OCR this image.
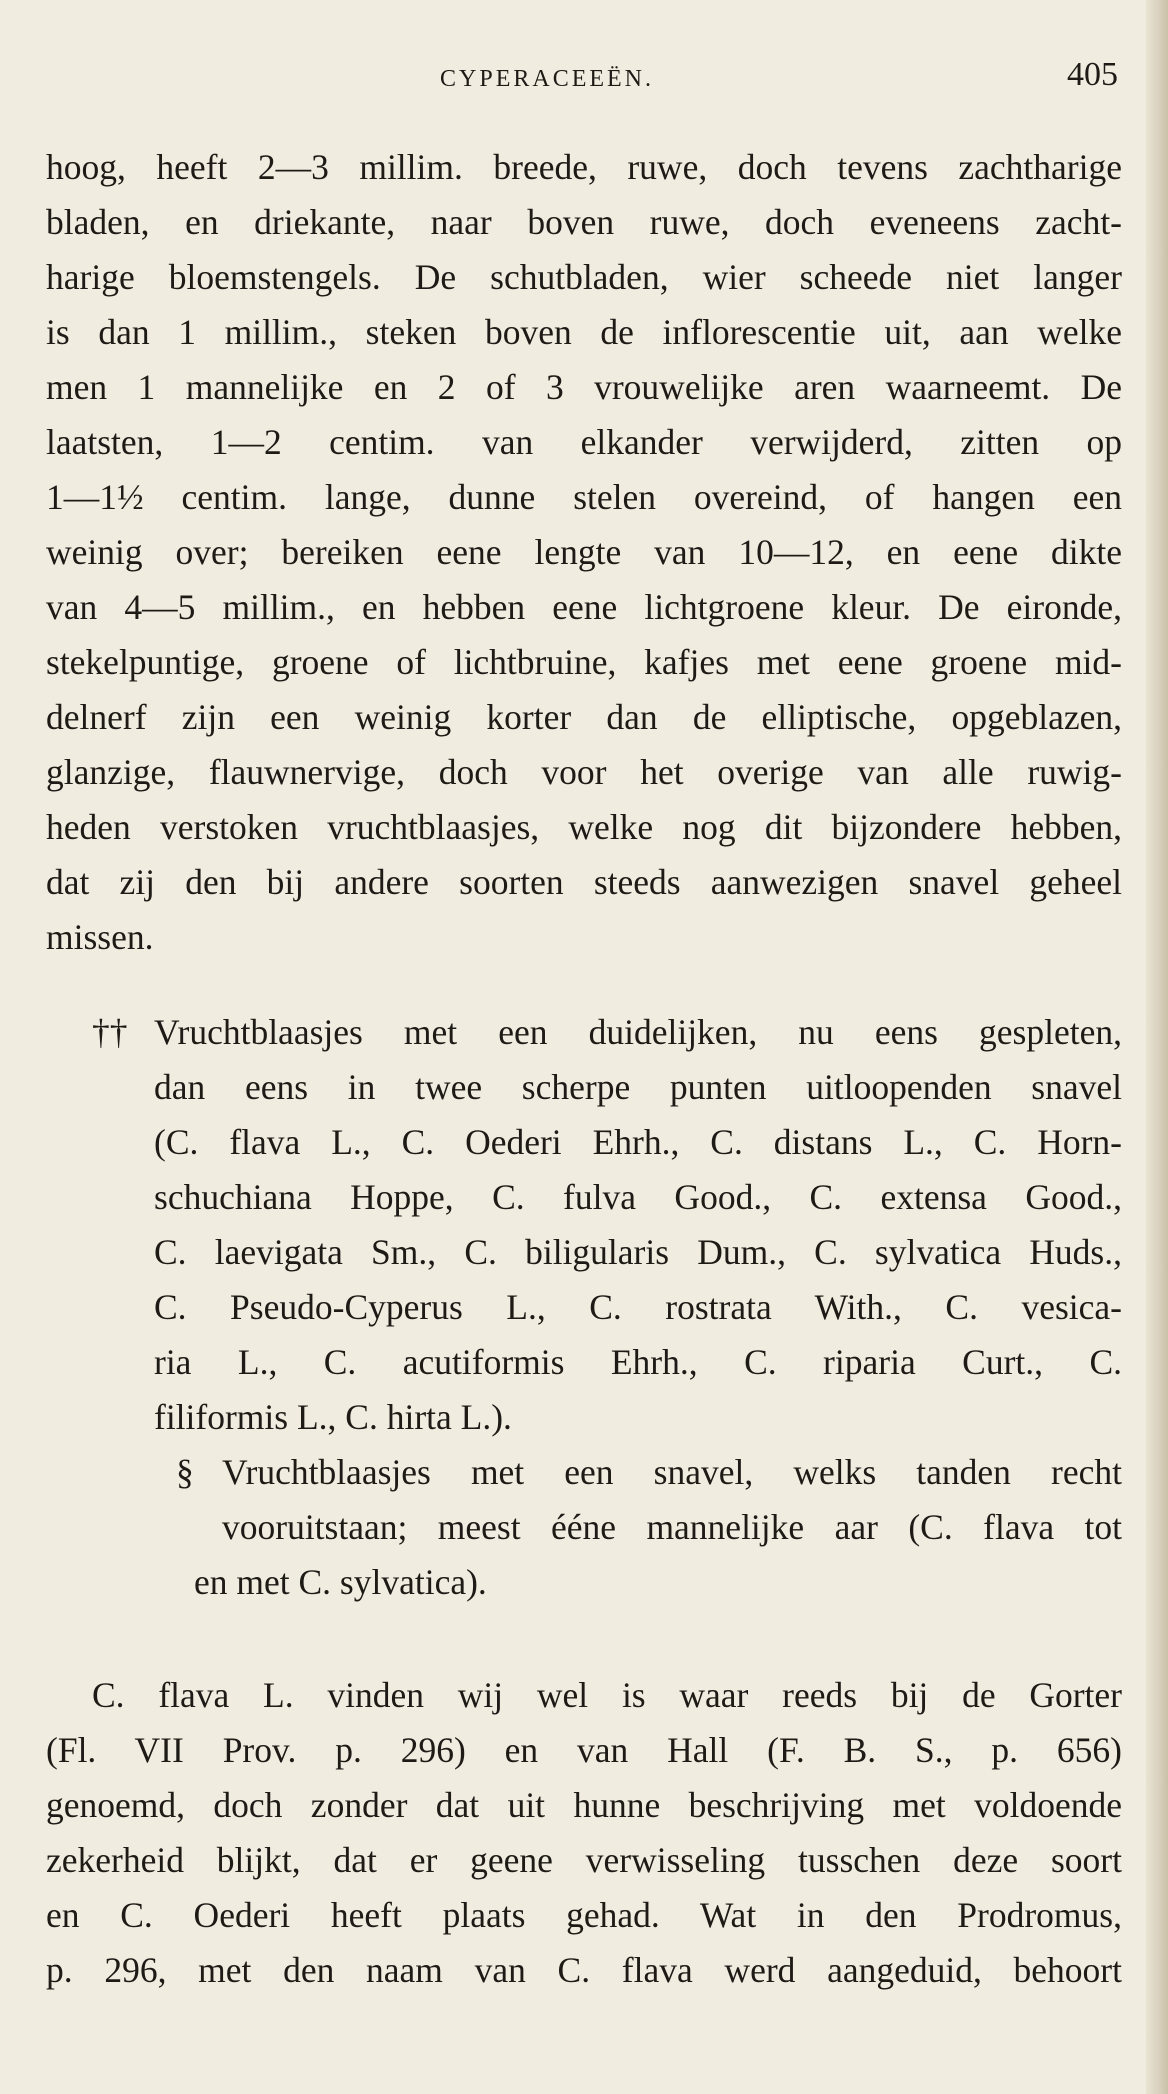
CYPERACEEËN.	405
hoog, heeft 2—3 millim. breede, ruwe, doch tevens zachtharige
bladen, en driekante, naar boven ruwe, doch eveneens zacht-
harige bloemstengels. De schutbladen, wier scheede niet langer
is dan 1 millim., steken boven de inflorescentie uit, aan welke
men 1 mannelijke en 2 of 3 vrouwelijke aren waarneemt. De
laatsten, 1—2 centim. van elkander verwijderd, zitten op
1—1½ centim. lange, dunne stelen overeind, of hangen een
weinig over; bereiken eene lengte van 10—12, en eene dikte
van 4—5 millim., en hebben eene lichtgroene kleur. De eironde,
stekelpuntige, groene of lichtbruine, kafjes met eene groene mid-
delnerf zijn een weinig korter dan de elliptische, opgeblazen,
glanzige, flauwnervige, doch voor het overige van alle ruwig-
heden verstoken vruchtblaasjes, welke nog dit bijzondere hebben,
dat zij den bij andere soorten steeds aanwezigen snavel geheel
missen.
†† Vruchtblaasjes met een duidelijken, nu eens gespleten,
dan eens in twee scherpe punten uitloopenden snavel
(C. flava L., C. Oederi Ehrh., C. distans L., C. Horn-
schuchiana Hoppe, C. fulva Good., C. extensa Good.,
C. laevigata Sm., C. biligularis Dum., C. sylvatica Huds.,
C. Pseudo-Cyperus L., C. rostrata With., C. vesica-
ria L., C. acutiformis Ehrh., C. riparia Curt., C.
filiformis L., C. hirta L.).
§ Vruchtblaasjes met een snavel, welks tanden recht
vooruitstaan; meest ééne mannelijke aar (C. flava tot
en met C. sylvatica).
C. flava L. vinden wij wel is waar reeds bij de Gorter
(Fl. VII Prov. p. 296) en van Hall (F. B. S., p. 656)
genoemd, doch zonder dat uit hunne beschrijving met voldoende
zekerheid blijkt, dat er geene verwisseling tusschen deze soort
en C. Oederi heeft plaats gehad. Wat in den Prodromus,
p. 296, met den naam van C. flava werd aangeduid, behoort
